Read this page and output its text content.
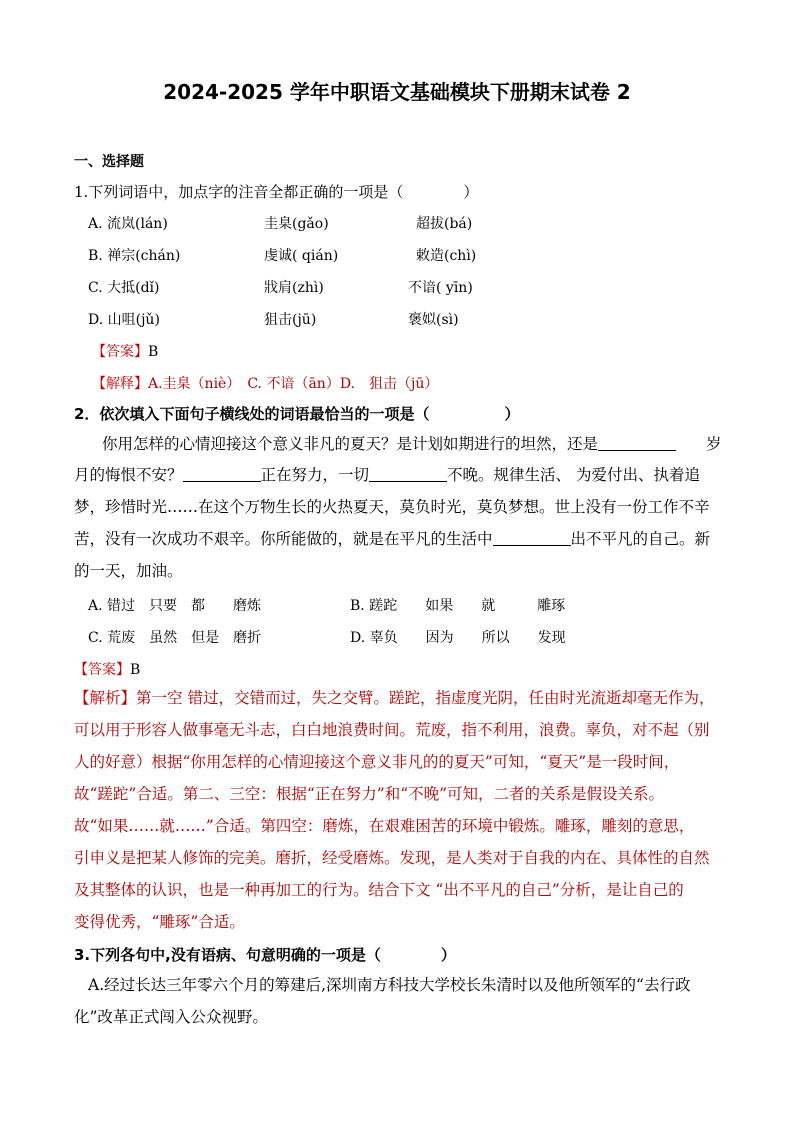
2024-2025 学年中职语文基础模块下册期末试卷 2
一、选择题
1.下列词语中，加点字的注音全都正确的一项是（　　　　）
A. 流岚(lán)	圭臬(gǎo)	超拔(bá)
B. 禅宗(chán)	虔诚( qián)	敕造(chì)
C. 大抵(dǐ)	戕肩(zhì)	不谙( yīn)
D. 山咀(jǔ)	狙击(jū)	褒姒(sì)
【答案】B
【解释】A.圭臬（niè）　C. 不谙（ān）D.　狙击（jū）
2．依次填入下面句子横线处的词语最恰当的一项是（　　　　　）
你用怎样的心情迎接这个意义非凡的夏天？是计划如期进行的坦然，还是	岁
月的悔恨不安？	正在努力，一切	不晚。规律生活、 为爱付出、执着追
梦，珍惜时光……在这个万物生长的火热夏天，莫负时光，莫负梦想。世上没有一份工作不辛
苦，没有一次成功不艰辛。你所能做的，就是在平凡的生活中	出不平凡的自己。新
的一天，加油。
A. 错过　只要　都　　磨炼	B. 蹉跎　　如果　　就　　　雕琢
C. 荒废　虽然　但是　磨折	D. 辜负　　因为　　所以　　发现
【答案】B
【解析】第一空 错过，交错而过，失之交臂。蹉跎，指虚度光阴，任由时光流逝却毫无作为，
可以用于形容人做事毫无斗志，白白地浪费时间。荒废，指不利用，浪费。辜负，对不起（别
人的好意）根据“你用怎样的心情迎接这个意义非凡的的夏天”可知，“夏天”是一段时间，
故“蹉跎”合适。第二、三空：根据“正在努力”和“不晚”可知，二者的关系是假设关系。
故“如果……就……”合适。第四空：磨炼，在艰难困苦的环境中锻炼。雕琢，雕刻的意思，
引申义是把某人修饰的完美。磨折，经受磨炼。发现，是人类对于自我的内在、具体性的自然
及其整体的认识，也是一种再加工的行为。结合下文 “出不平凡的自己”分析，是让自己的
变得优秀，“雕琢”合适。
3.下列各句中,没有语病、句意明确的一项是（　　　　）
A.经过长达三年零六个月的筹建后,深圳南方科技大学校长朱清时以及他所领军的“去行政
化”改革正式闯入公众视野。
